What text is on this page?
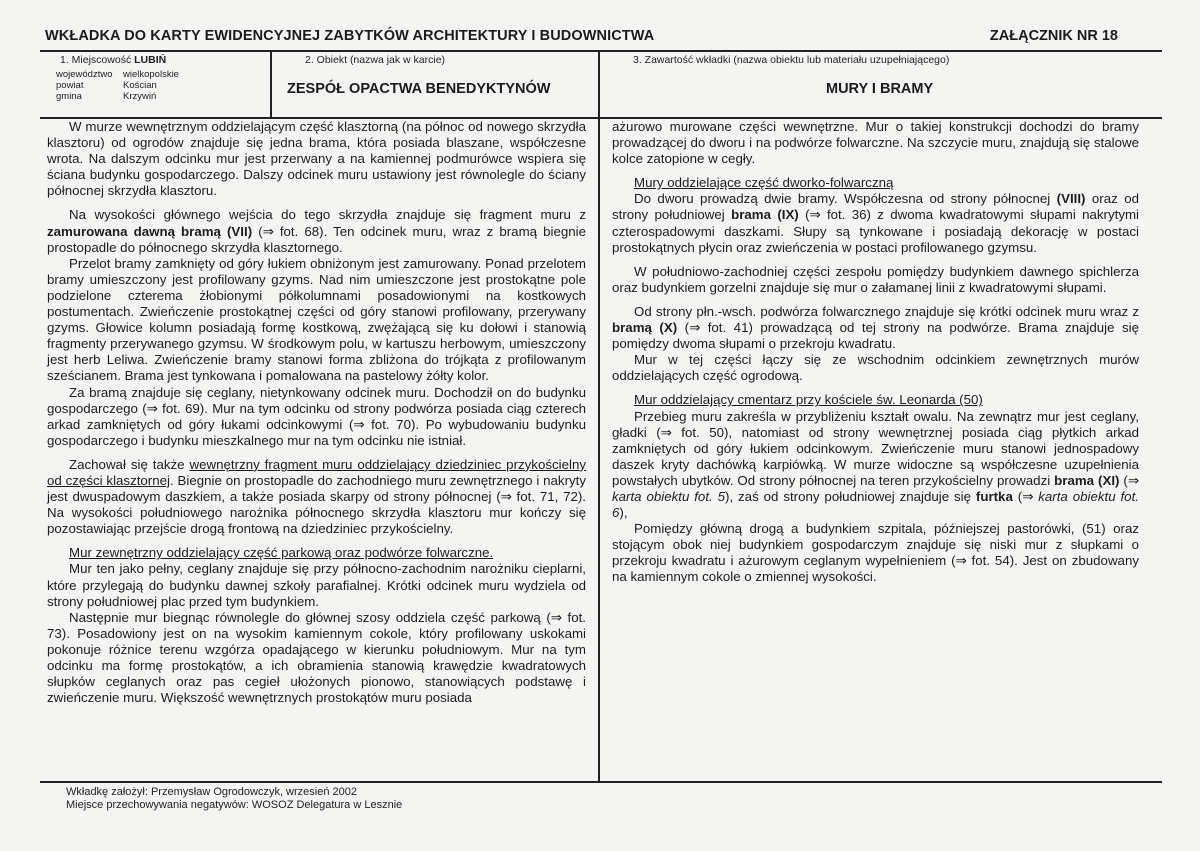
WKŁADKA DO KARTY EWIDENCYJNEJ ZABYTKÓW ARCHITEKTURY I BUDOWNICTWA	ZAŁĄCZNIK NR 18
1. Miejscowość LUBIŃ
województwo
powiat
gmina
wielkopolskie
Kościan
Krzywiń
2. Obiekt (nazwa jak w karcie)
ZESPÓŁ OPACTWA BENEDYKTYNÓW
3. Zawartość wkładki (nazwa obiektu lub materiału uzupełniającego)
MURY I BRAMY

W murze wewnętrznym oddzielającym część klasztorną (na północ od nowego skrzydła klasztoru) od ogrodów znajduje się jedna brama, która posiada blaszane, współczesne wrota. Na dalszym odcinku mur jest przerwany a na kamiennej podmurówce wspiera się ściana budynku gospodarczego. Dalszy odcinek muru ustawiony jest równolegle do ściany północnej skrzydła klasztoru.

Na wysokości głównego wejścia do tego skrzydła znajduje się fragment muru z zamurowana dawną bramą (VII) (⇒ fot. 68). Ten odcinek muru, wraz z bramą biegnie prostopadle do północnego skrzydła klasztornego.

Przelot bramy zamknięty od góry łukiem obniżonym jest zamurowany. Ponad przelotem bramy umieszczony jest profilowany gzyms. Nad nim umieszczone jest prostokątne pole podzielone czterema żłobionymi półkolumnami posadowionymi na kostkowych postumentach. Zwieńczenie prostokątnej części od góry stanowi profilowany, przerywany gzyms. Głowice kolumn posiadają formę kostkową, zwężającą się ku dołowi i stanowią fragmenty przerywanego gzymsu. W środkowym polu, w kartuszu herbowym, umieszczony jest herb Leliwa. Zwieńczenie bramy stanowi forma zbliżona do trójkąta z profilowanym sześcianem. Brama jest tynkowana i pomalowana na pastelowy żółty kolor.

Za bramą znajduje się ceglany, nietynkowany odcinek muru. Dochodził on do budynku gospodarczego (⇒ fot. 69). Mur na tym odcinku od strony podwórza posiada ciąg czterech arkad zamkniętych od góry łukami odcinkowymi (⇒ fot. 70). Po wybudowaniu budynku gospodarczego i budynku mieszkalnego mur na tym odcinku nie istniał.

Zachował się także wewnętrzny fragment muru oddzielający dziedziniec przykościelny od części klasztornej. Biegnie on prostopadle do zachodniego muru zewnętrznego i nakryty jest dwuspadowym daszkiem, a także posiada skarpy od strony północnej (⇒ fot. 71, 72). Na wysokości południowego narożnika północnego skrzydła klasztoru mur kończy się pozostawiając przejście drogą frontową na dziedziniec przykościelny.

Mur zewnętrzny oddzielający część parkową oraz podwórze folwarczne.

Mur ten jako pełny, ceglany znajduje się przy północno-zachodnim narożniku cieplarni, które przylegają do budynku dawnej szkoły parafialnej. Krótki odcinek muru wydziela od strony południowej plac przed tym budynkiem.

Następnie mur biegnąc równolegle do głównej szosy oddziela część parkową (⇒ fot. 73). Posadowiony jest on na wysokim kamiennym cokole, który profilowany uskokami pokonuje różnice terenu wzgórza opadającego w kierunku południowym. Mur na tym odcinku ma formę prostokątów, a ich obramienia stanowią krawędzie kwadratowych słupków ceglanych oraz pas cegieł ułożonych pionowo, stanowiących podstawę i zwieńczenie muru. Większość wewnętrznych prostokątów muru posiada

ażurowo murowane części wewnętrzne. Mur o takiej konstrukcji dochodzi do bramy prowadzącej do dworu i na podwórze folwarczne. Na szczycie muru, znajdują się stalowe kolce zatopione w cegły.

Mury oddzielające część dworko-folwarczną

Do dworu prowadzą dwie bramy. Współczesna od strony północnej (VIII) oraz od strony południowej brama (IX) (⇒ fot. 36) z dwoma kwadratowymi słupami nakrytymi czterospadowymi daszkami. Słupy są tynkowane i posiadają dekorację w postaci prostokątnych płycin oraz zwieńczenia w postaci profilowanego gzymsu.

W południowo-zachodniej części zespołu pomiędzy budynkiem dawnego spichlerza oraz budynkiem gorzelni znajduje się mur o załamanej linii z kwadratowymi słupami.

Od strony płn.-wsch. podwórza folwarcznego znajduje się krótki odcinek muru wraz z bramą (X) (⇒ fot. 41) prowadzącą od tej strony na podwórze. Brama znajduje się pomiędzy dwoma słupami o przekroju kwadratu.

Mur w tej części łączy się ze wschodnim odcinkiem zewnętrznych murów oddzielających część ogrodową.

Mur oddzielający cmentarz przy kościele św. Leonarda (50)

Przebieg muru zakreśla w przybliżeniu kształt owalu. Na zewnątrz mur jest ceglany, gładki (⇒ fot. 50), natomiast od strony wewnętrznej posiada ciąg płytkich arkad zamkniętych od góry łukiem odcinkowym. Zwieńczenie muru stanowi jednospadowy daszek kryty dachówką karpiówką. W murze widoczne są współczesne uzupełnienia powstałych ubytków. Od strony północnej na teren przykościelny prowadzi brama (XI) (⇒ karta obiektu fot. 5), zaś od strony południowej znajduje się furtka (⇒ karta obiektu fot. 6),

Pomiędzy główną drogą a budynkiem szpitala, późniejszej pastorówki, (51) oraz stojącym obok niej budynkiem gospodarczym znajduje się niski mur z słupkami o przekroju kwadratu i ażurowym ceglanym wypełnieniem (⇒ fot. 54). Jest on zbudowany na kamiennym cokole o zmiennej wysokości.

Wkładkę założył: Przemysław Ogrodowczyk, wrzesień 2002
Miejsce przechowywania negatywów: WOSOZ Delegatura w Lesznie
